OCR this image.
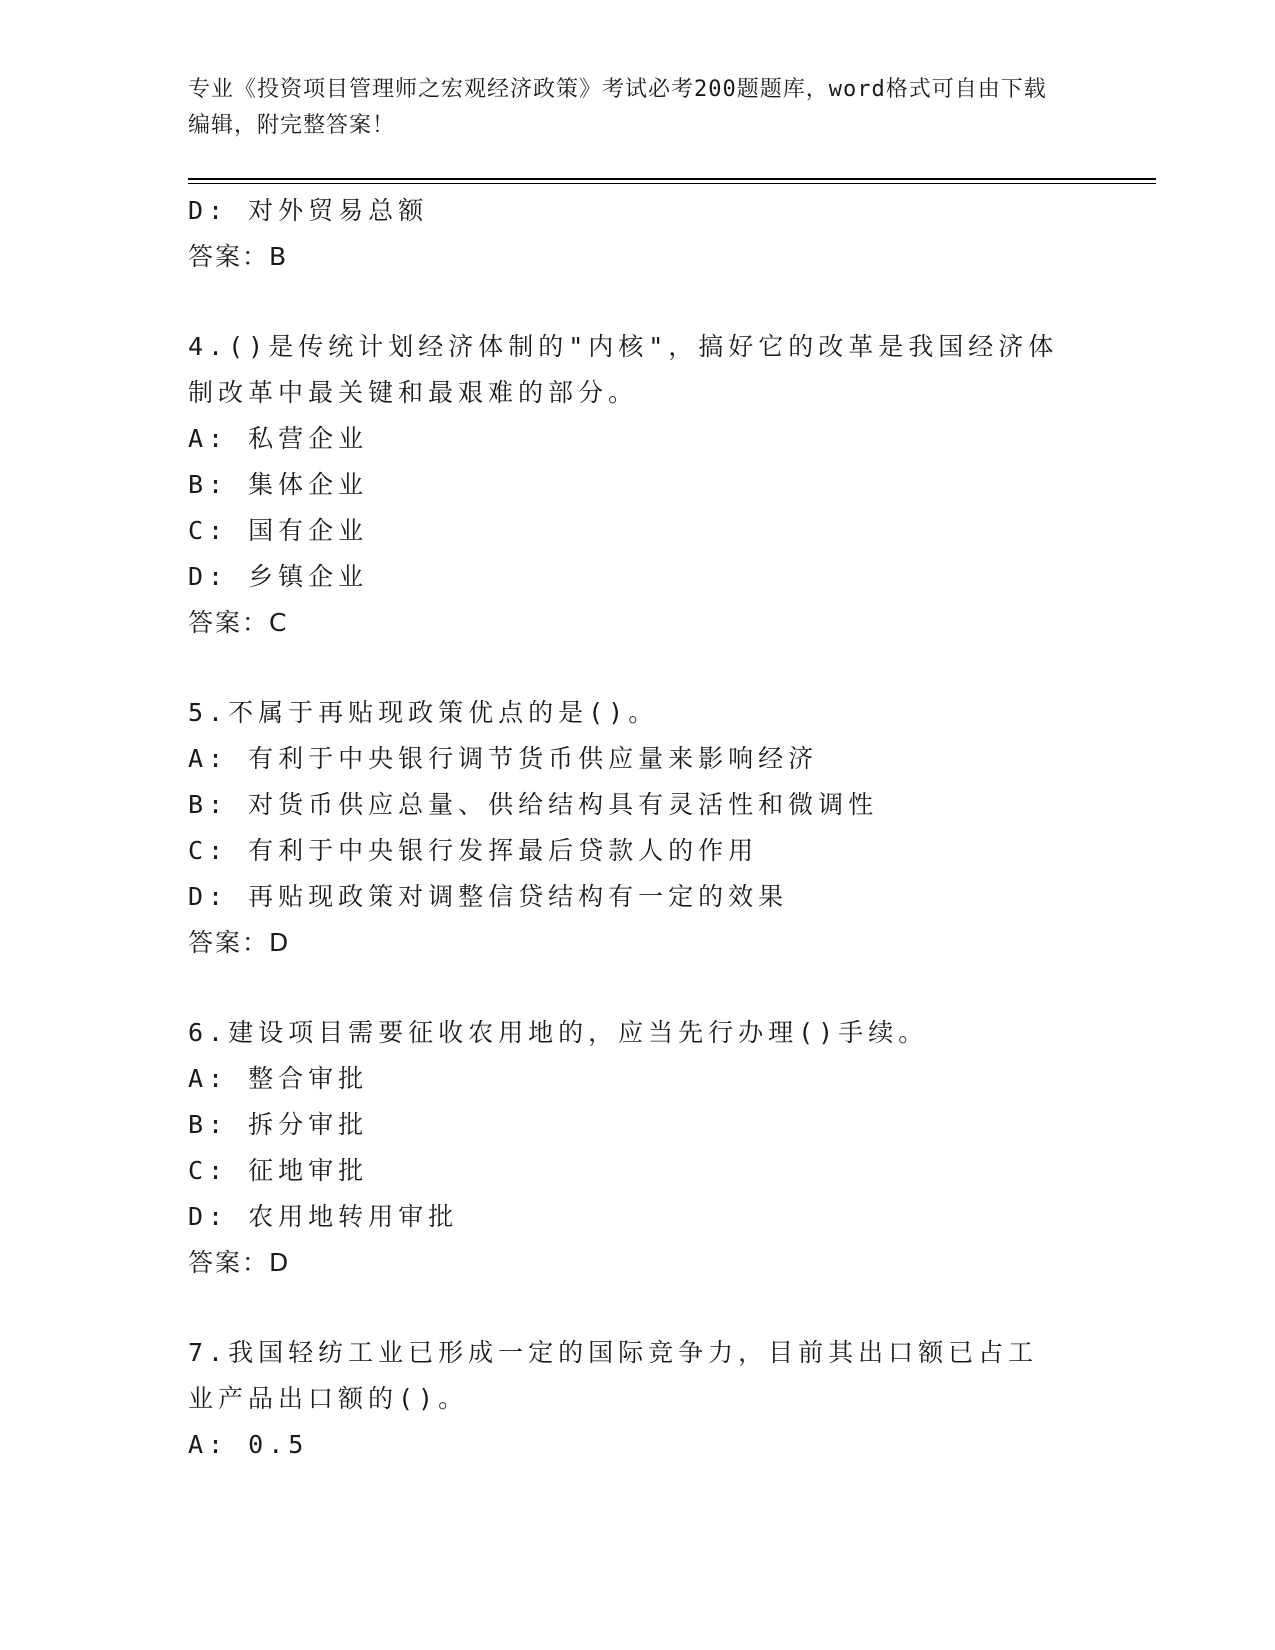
专业《投资项目管理师之宏观经济政策》考试必考200题题库，word格式可自由下载编辑，附完整答案！
D: 对外贸易总额
答案：B
4.()是传统计划经济体制的"内核"，搞好它的改革是我国经济体制改革中最关键和最艰难的部分。
A: 私营企业
B: 集体企业
C: 国有企业
D: 乡镇企业
答案：C
5.不属于再贴现政策优点的是()。
A: 有利于中央银行调节货币供应量来影响经济
B: 对货币供应总量、供给结构具有灵活性和微调性
C: 有利于中央银行发挥最后贷款人的作用
D: 再贴现政策对调整信贷结构有一定的效果
答案：D
6.建设项目需要征收农用地的，应当先行办理()手续。
A: 整合审批
B: 拆分审批
C: 征地审批
D: 农用地转用审批
答案：D
7.我国轻纺工业已形成一定的国际竞争力，目前其出口额已占工业产品出口额的()。
A: 0.5
